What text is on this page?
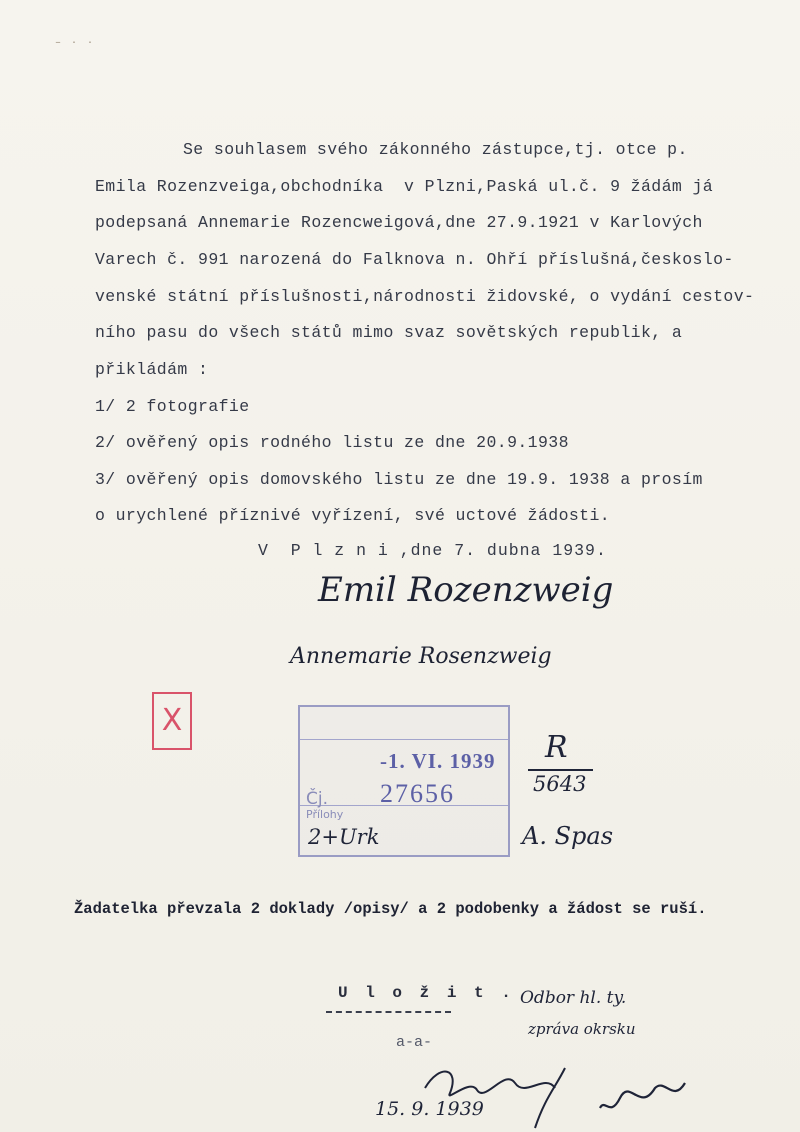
– · ·
Se souhlasem svého zákonného zástupce,tj. otce p.
Emila Rozenzveiga,obchodníka  v Plzni,Paská ul.č. 9 žádám já
podepsaná Annemarie Rozencweigová,dne 27.9.1921 v Karlových
Varech č. 991 narozená do Falknova n. Ohří příslušná,českoslo-
venské státní příslušnosti,národnosti židovské, o vydání cestov-
ního pasu do všech států mimo svaz sovětských republik, a
přikládám :
1/ 2 fotografie
2/ ověřený opis rodného listu ze dne 20.9.1938
3/ ověřený opis domovského listu ze dne 19.9. 1938 a prosím
o urychlené příznivé vyřízení, své uctové žádosti.
V  P l z n i ,dne 7. dubna 1939.
Emil Rozenzweig
Annemarie Rosenzweig
X
Čj.
Přílohy
-1. VI. 1939
27656
2+Urk
R
5643
A. Spas
Žadatelka převzala 2 doklady /opisy/ a 2 podobenky a žádost se ruší.
U l o ž i t .
a-a-
Odbor hl. ty.
zpráva okrsku
15. 9. 1939
